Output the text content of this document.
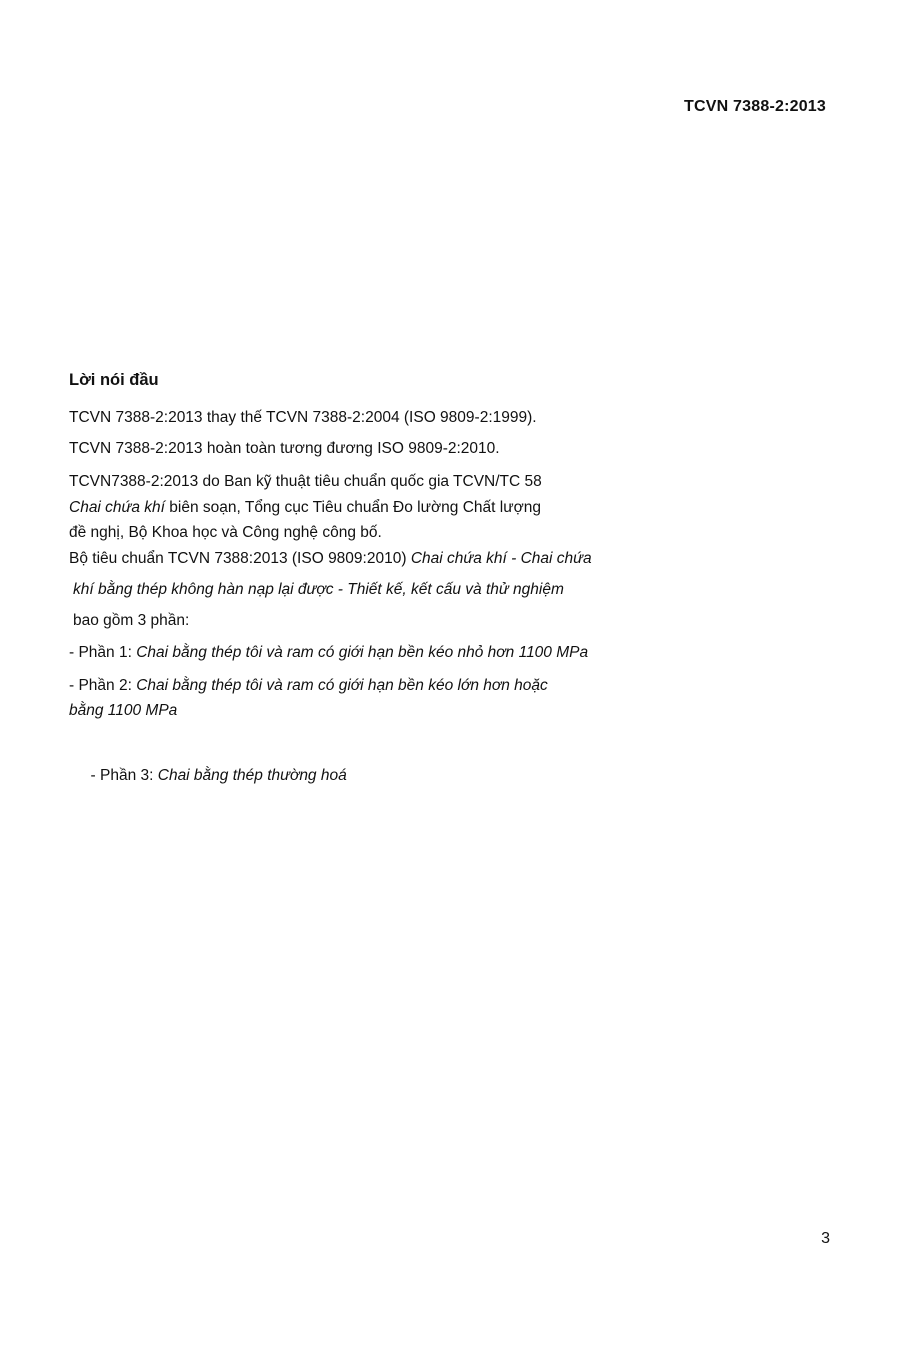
TCVN 7388-2:2013
Lời nói đầu
TCVN 7388-2:2013 thay thế TCVN 7388-2:2004 (ISO 9809-2:1999).
TCVN 7388-2:2013 hoàn toàn tương đương ISO 9809-2:2010.
TCVN7388-2:2013 do Ban kỹ thuật tiêu chuẩn quốc gia TCVN/TC 58
Chai chứa khí biên soạn, Tổng cục Tiêu chuẩn Đo lường Chất lượng
đề nghị, Bộ Khoa học và Công nghệ công bố.
Bộ tiêu chuẩn TCVN 7388:2013 (ISO 9809:2010) Chai chứa khí - Chai chứa
khí bằng thép không hàn nạp lại được - Thiết kế, kết cấu và thử nghiệm
bao gồm 3 phần:
- Phần 1: Chai bằng thép tôi và ram có giới hạn bền kéo nhỏ hơn 1100 MPa
- Phần 2: Chai bằng thép tôi và ram có giới hạn bền kéo lớn hơn hoặc
bằng 1100 MPa

- Phần 3: Chai bằng thép thường hoá

3
